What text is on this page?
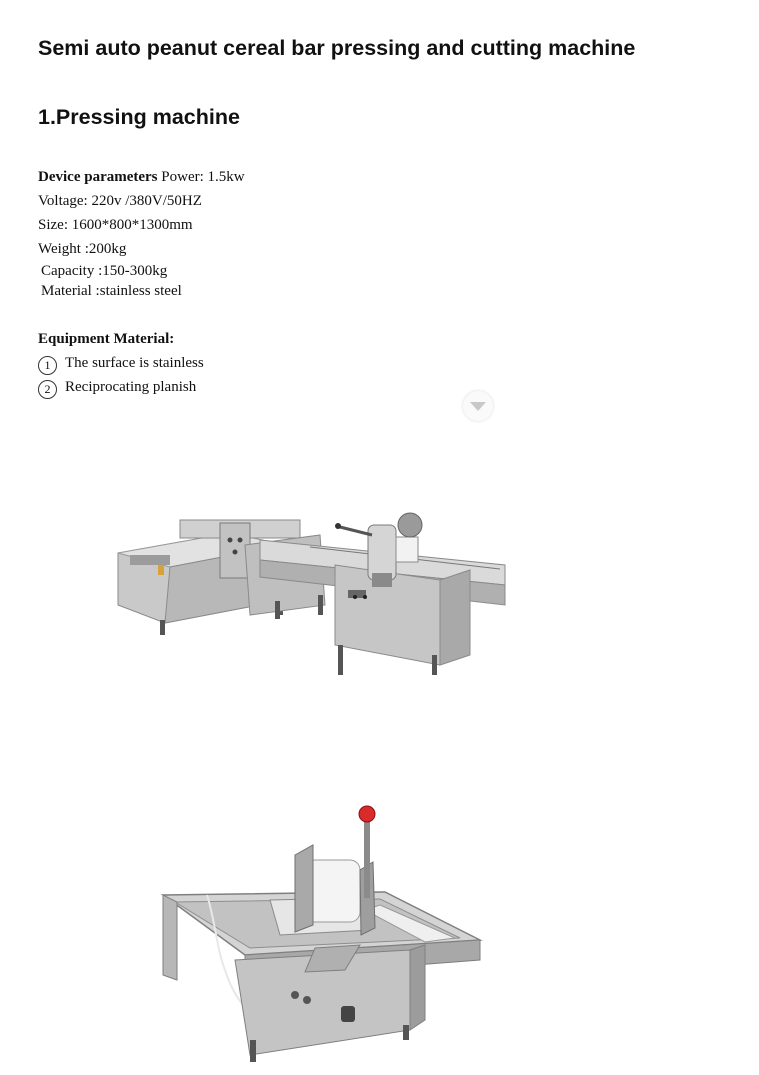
Semi auto peanut cereal bar pressing and cutting machine
1.Pressing machine

Device parameters Power: 1.5kw

Voltage: 220v /380V/50HZ

Size: 1600*800*1300mm

Weight :200kg

Capacity :150-300kg

Material :stainless steel

Equipment Material:

1 The surface is stainless

2 Reciprocating planish
